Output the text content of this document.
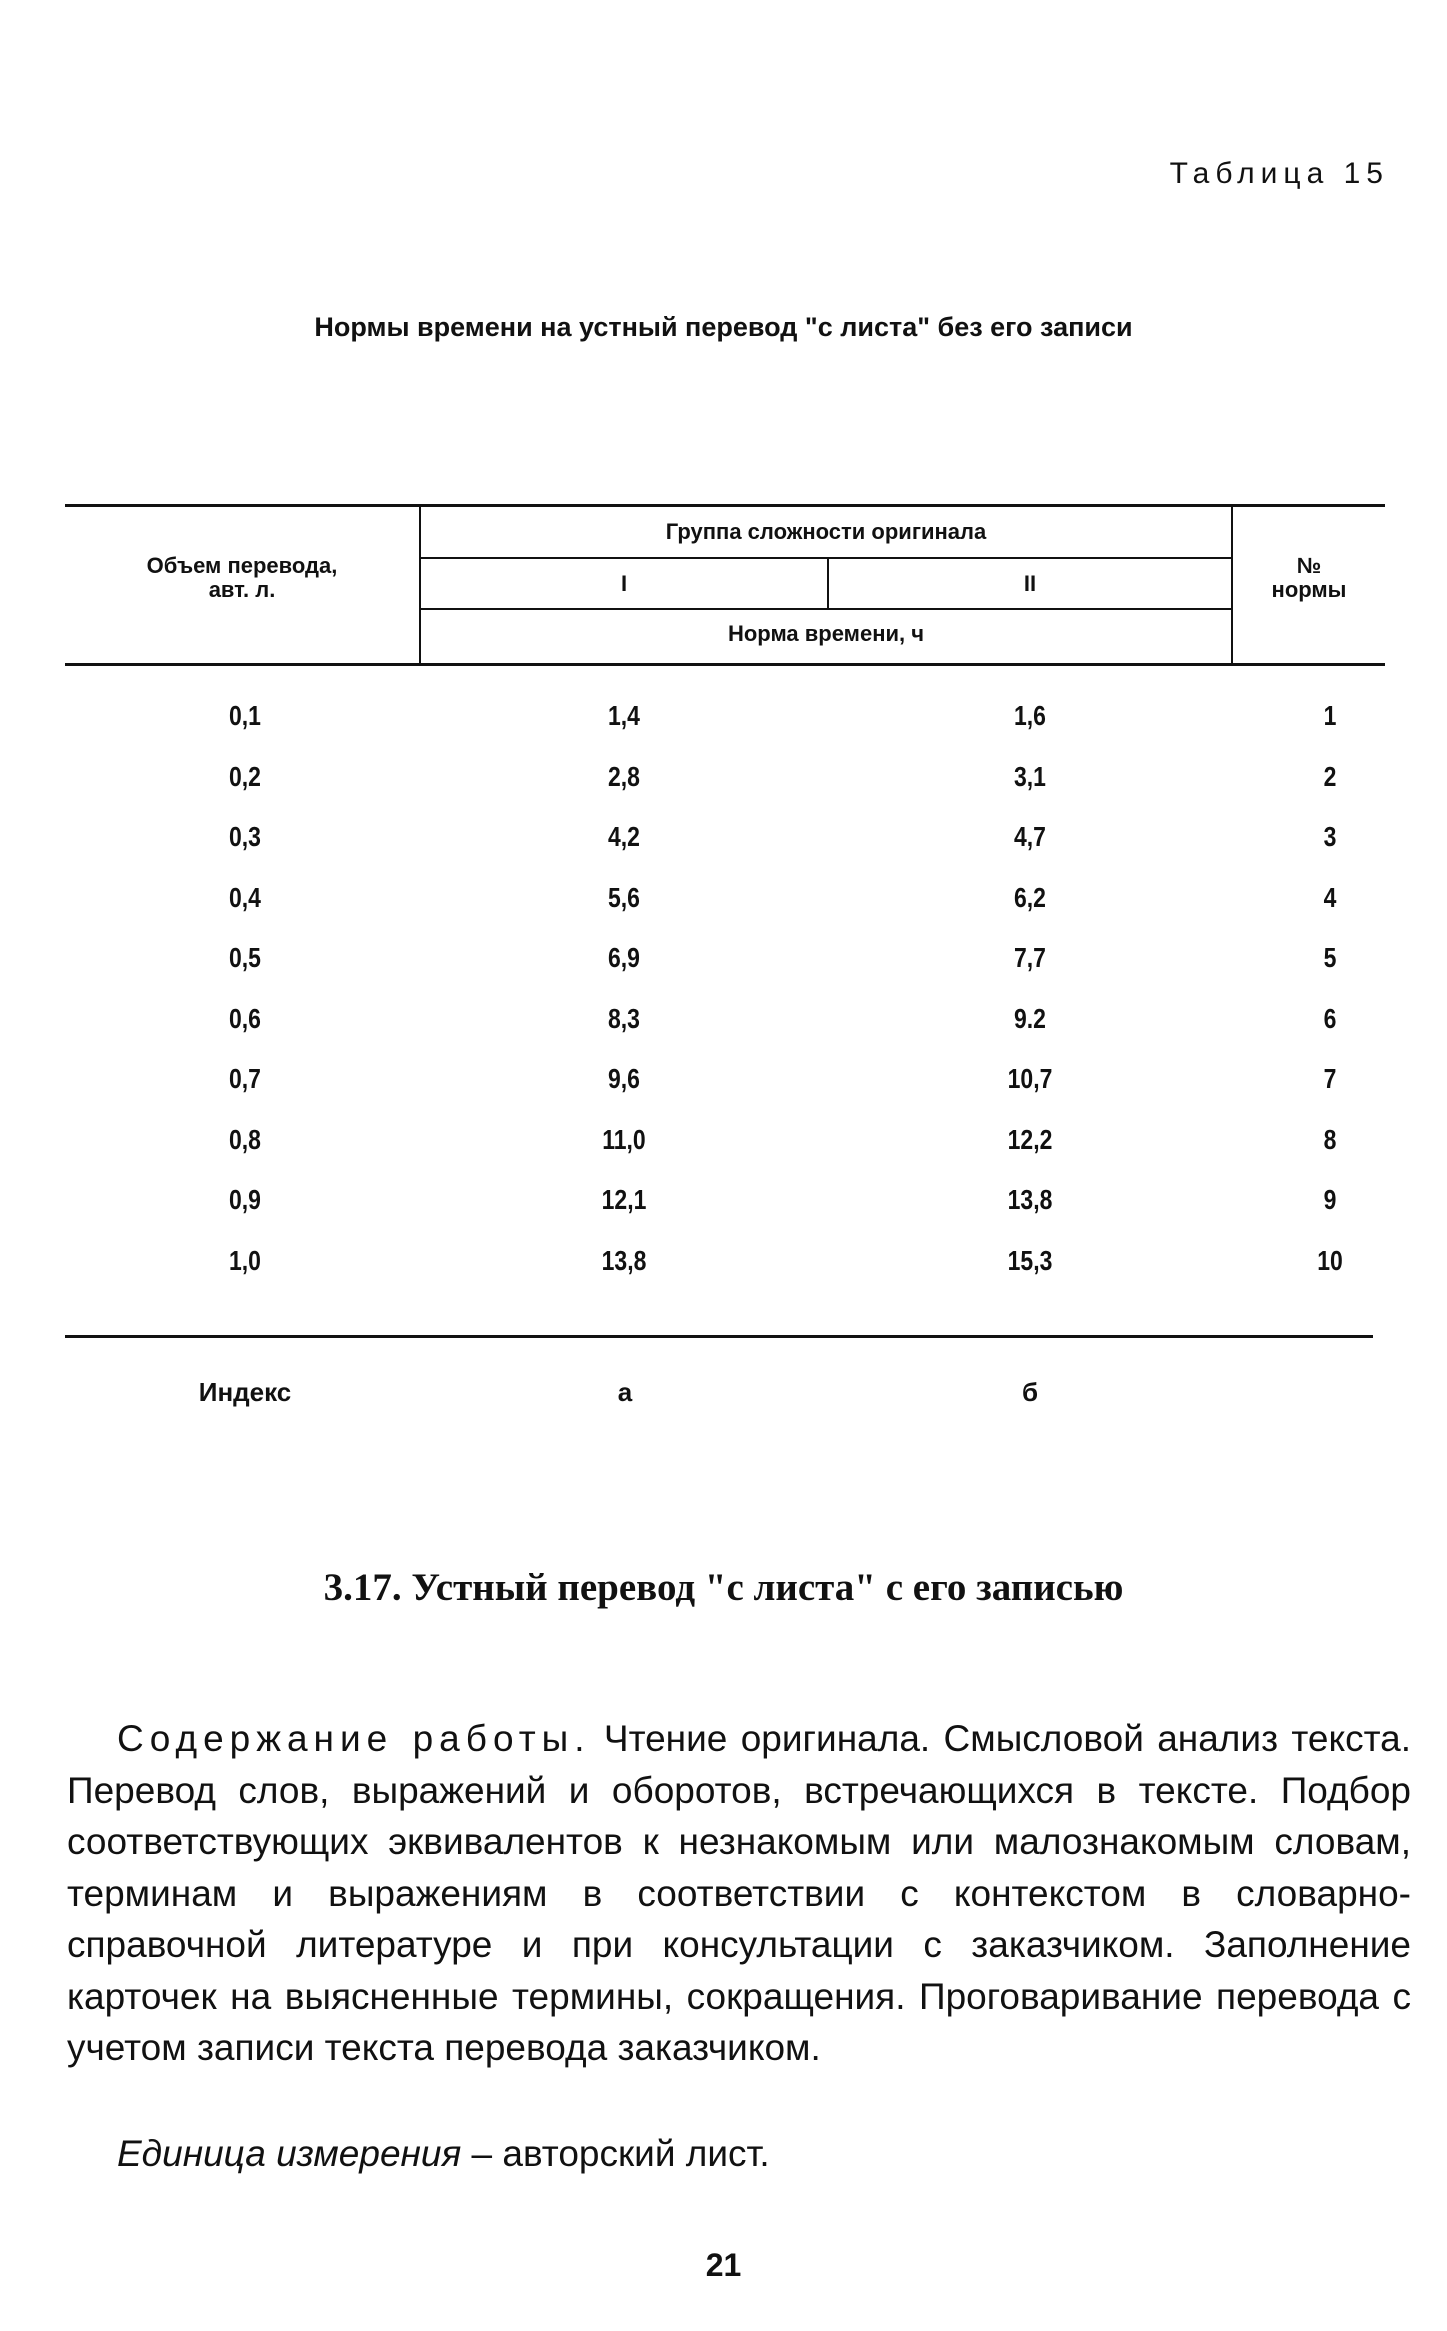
Таблица 15
Нормы времени на устный перевод "с листа" без его записи
Объем перевода,
авт. л.
Группа сложности оригинала
I	II
Норма времени, ч
№
нормы
0,1	1,4	1,6	1
0,2	2,8	3,1	2
0,3	4,2	4,7	3
0,4	5,6	6,2	4
0,5	6,9	7,7	5
0,6	8,3	9.2	6
0,7	9,6	10,7	7
0,8	11,0	12,2	8
0,9	12,1	13,8	9
1,0	13,8	15,3	10
Индекс	а	б
3.17. Устный перевод "с листа" с его записью

Содержание работы. Чтение оригинала. Смысловой анализ текста. Перевод слов, выражений и оборотов, встречающихся в тексте. Подбор соответствующих эквивалентов к незнакомым или малознакомым словам, терминам и выражениям в соответствии с контекстом в словарно-справочной литературе и при консультации с заказчиком. Заполнение карточек на выясненные термины, сокращения. Проговаривание перевода с учетом записи текста перевода заказчиком.

Единица измерения – авторский лист.
21
